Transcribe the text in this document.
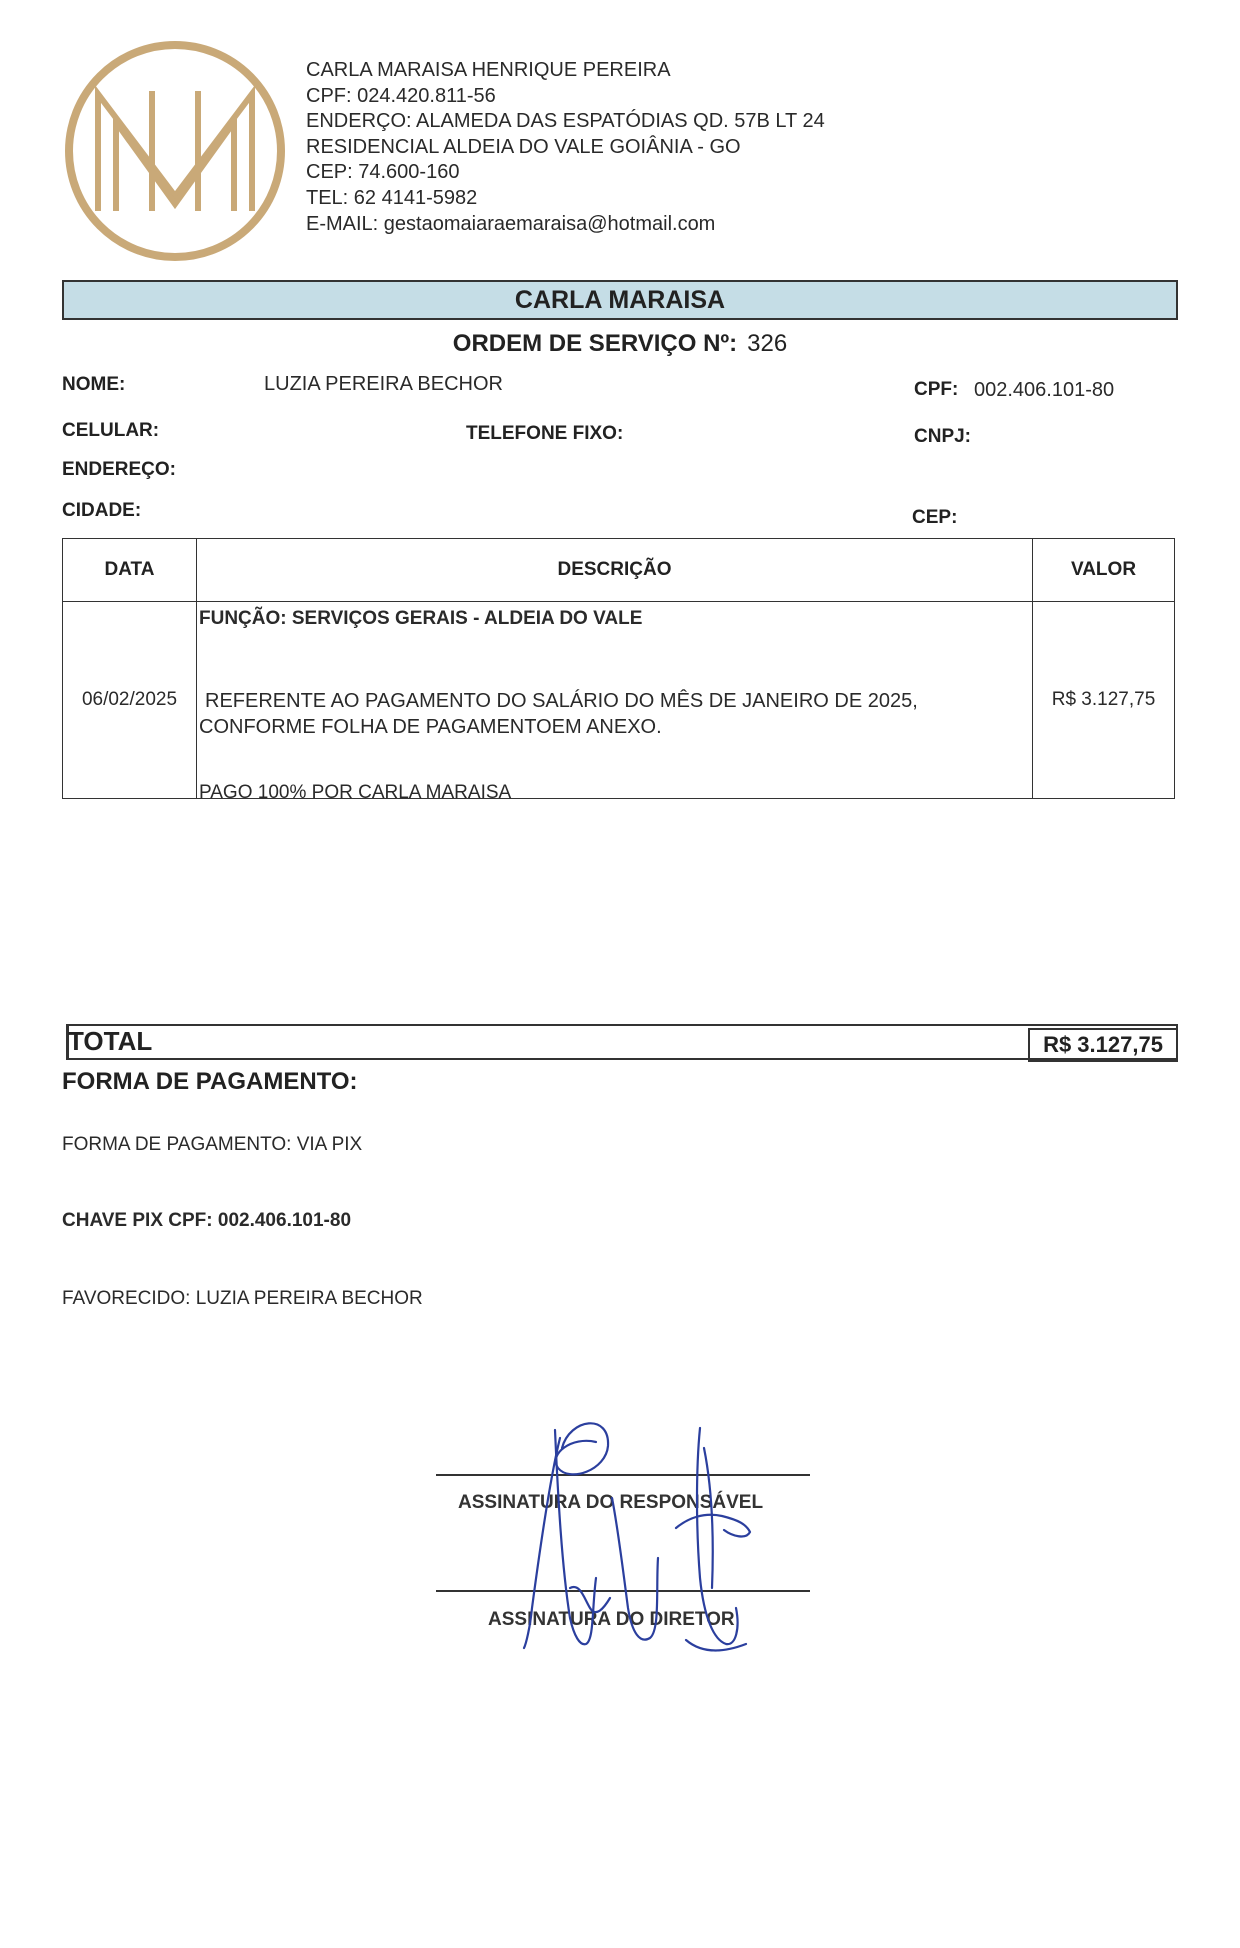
CARLA MARAISA HENRIQUE PEREIRA
CPF: 024.420.811-56
ENDERÇO: ALAMEDA DAS ESPATÓDIAS QD. 57B LT 24
RESIDENCIAL ALDEIA DO VALE GOIÂNIA - GO
CEP: 74.600-160
TEL: 62 4141-5982
E-MAIL: gestaomaiaraemaraisa@hotmail.com
CARLA MARAISA
ORDEM DE SERVIÇO Nº: 326
NOME:	LUZIA PEREIRA BECHOR	CPF: 002.406.101-80
CELULAR:	TELEFONE FIXO:	CNPJ:
ENDEREÇO:
CIDADE:	CEP:
DATA	DESCRIÇÃO	VALOR
06/02/2025	FUNÇÃO: SERVIÇOS GERAIS - ALDEIA DO VALE
REFERENTE AO PAGAMENTO DO SALÁRIO DO MÊS DE JANEIRO DE 2025,
CONFORME FOLHA DE PAGAMENTOEM ANEXO.
PAGO 100% POR CARLA MARAISA	R$ 3.127,75
TOTAL	R$ 3.127,75
FORMA DE PAGAMENTO:
FORMA DE PAGAMENTO: VIA PIX
CHAVE PIX CPF: 002.406.101-80
FAVORECIDO: LUZIA PEREIRA BECHOR
ASSINATURA DO RESPONSÁVEL
ASSINATURA DO DIRETOR
